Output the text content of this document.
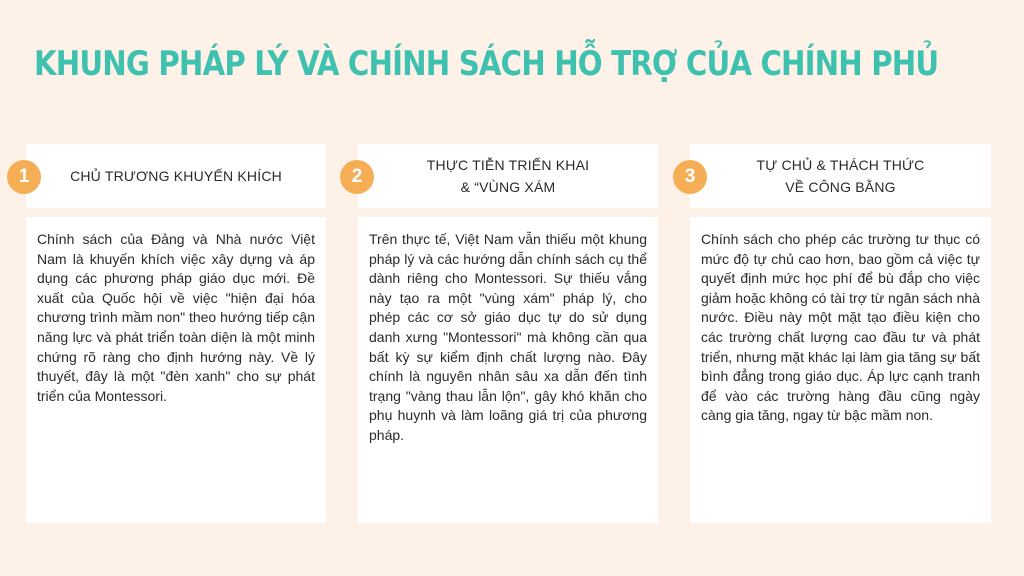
KHUNG PHÁP LÝ VÀ CHÍNH SÁCH HỖ TRỢ CỦA CHÍNH PHỦ
CHỦ TRƯƠNG KHUYẾN KHÍCH
1

Chính sách của Đảng và Nhà nước Việt Nam là khuyến khích việc xây dựng và áp dụng các phương pháp giáo dục mới. Đề xuất của Quốc hội về việc "hiện đại hóa chương trình mầm non" theo hướng tiếp cận năng lực và phát triển toàn diện là một minh chứng rõ ràng cho định hướng này. Về lý thuyết, đây là một "đèn xanh" cho sự phát triển của Montessori.

THỰC TIỄN TRIỂN KHAI
& “VÙNG XÁM
2

Trên thực tế, Việt Nam vẫn thiếu một khung pháp lý và các hướng dẫn chính sách cụ thể dành riêng cho Montessori. Sự thiếu vắng này tạo ra một "vùng xám" pháp lý, cho phép các cơ sở giáo dục tự do sử dụng danh xưng "Montessori" mà không cần qua bất kỳ sự kiểm định chất lượng nào. Đây chính là nguyên nhân sâu xa dẫn đến tình trạng "vàng thau lẫn lộn", gây khó khăn cho phụ huynh và làm loãng giá trị của phương pháp.

TỰ CHỦ & THÁCH THỨC
VỀ CÔNG BẰNG
3

Chính sách cho phép các trường tư thục có mức độ tự chủ cao hơn, bao gồm cả việc tự quyết định mức học phí để bù đắp cho việc giảm hoặc không có tài trợ từ ngân sách nhà nước. Điều này một mặt tạo điều kiện cho các trường chất lượng cao đầu tư và phát triển, nhưng mặt khác lại làm gia tăng sự bất bình đẳng trong giáo dục. Áp lực cạnh tranh để vào các trường hàng đầu cũng ngày càng gia tăng, ngay từ bậc mầm non.
